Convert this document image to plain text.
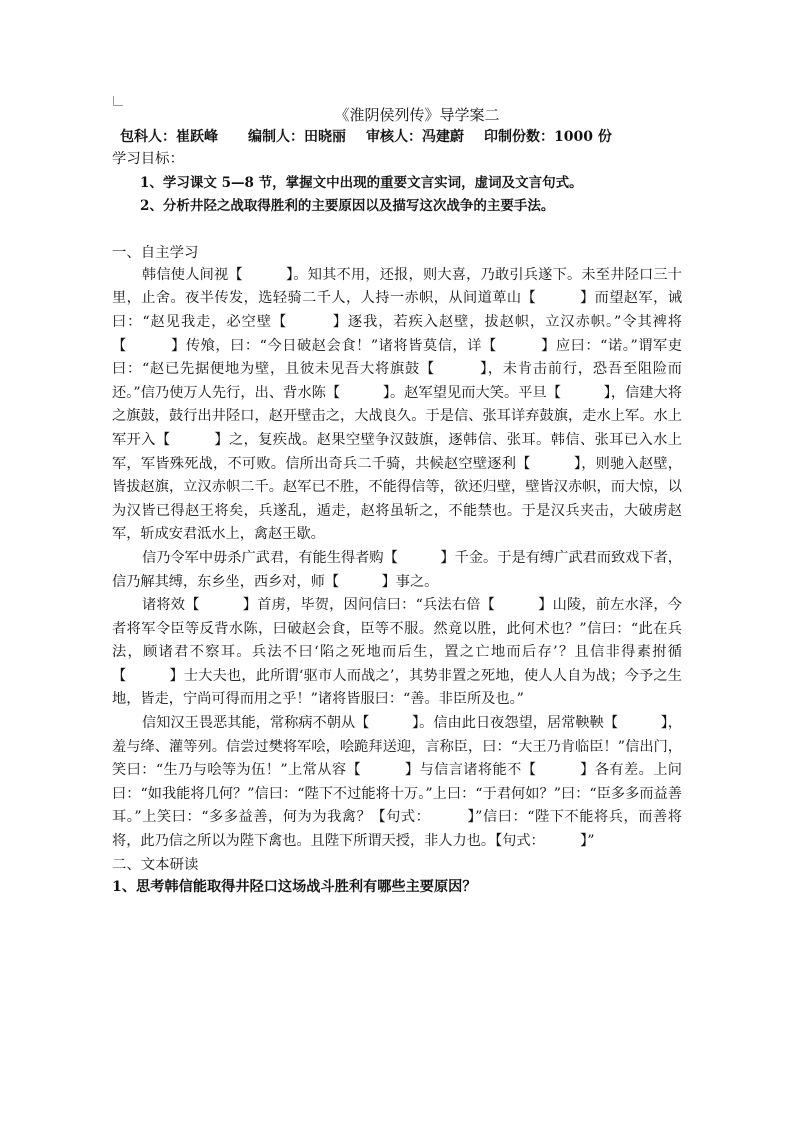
《淮阴侯列传》导学案二

包科人：崔跃峰 编制人：田晓丽 审核人：冯建蔚 印制份数：1000 份

学习目标：

1、学习课文 5—8 节，掌握文中出现的重要文言实词，虚词及文言句式。

2、分析井陉之战取得胜利的主要原因以及描写这次战争的主要手法。

一、自主学习

韩信使人间视【　　　】。知其不用，还报，则大喜，乃敢引兵遂下。未至井陉口三十里，止舍。夜半传发，选轻骑二千人，人持一赤帜，从间道萆山【　　　】而望赵军，诫曰：“赵见我走，必空壁【　　　】逐我，若疾入赵壁，拔赵帜，立汉赤帜。”令其裨将【　　　】传飧，曰：“今日破赵会食！”诸将皆莫信，详【　　　】应曰：“诺。”谓军吏曰：“赵已先据便地为壁，且彼未见吾大将旗鼓【　　　】，未肯击前行，恐吾至阻险而还。”信乃使万人先行，出、背水陈【　　　】。赵军望见而大笑。平旦【　　　】，信建大将之旗鼓，鼓行出井陉口，赵开壁击之，大战良久。于是信、张耳详弃鼓旗，走水上军。水上军开入【　　　】之，复疾战。赵果空壁争汉鼓旗，逐韩信、张耳。韩信、张耳已入水上军，军皆殊死战，不可败。信所出奇兵二千骑，共候赵空壁逐利【　　　】，则驰入赵壁，皆拔赵旗，立汉赤帜二千。赵军已不胜，不能得信等，欲还归壁，壁皆汉赤帜，而大惊，以为汉皆已得赵王将矣，兵遂乱，遁走，赵将虽斩之，不能禁也。于是汉兵夹击，大破虏赵军，斩成安君泜水上，禽赵王歇。

信乃令军中毋杀广武君，有能生得者购【　　　】千金。于是有缚广武君而致戏下者，信乃解其缚，东乡坐，西乡对，师【　　　】事之。

诸将效【　　　】首虏，毕贺，因问信曰：“兵法右倍【　　　】山陵，前左水泽，今者将军令臣等反背水陈，曰破赵会食，臣等不服。然竟以胜，此何术也？”信曰：“此在兵法，顾诸君不察耳。兵法不曰‘陷之死地而后生，置之亡地而后存’？且信非得素拊循【　　　】士大夫也，此所谓‘驱市人而战之’，其势非置之死地，使人人自为战；今予之生地，皆走，宁尚可得而用之乎！”诸将皆服曰：“善。非臣所及也。”

信知汉王畏恶其能，常称病不朝从【　　　】。信由此日夜怨望，居常鞅鞅【　　　】，羞与绛、灌等列。信尝过樊将军哙，哙跪拜送迎，言称臣，曰：“大王乃肯临臣！”信出门，笑曰：“生乃与哙等为伍！”上常从容【　　　】与信言诸将能不【　　　】各有差。上问曰：“如我能将几何？”信曰：“陛下不过能将十万。”上曰：“于君何如？”曰：“臣多多而益善耳。”上笑曰：“多多益善，何为为我禽？【句式：　　　】”信曰：“陛下不能将兵，而善将将，此乃信之所以为陛下禽也。且陛下所谓天授，非人力也。【句式：　　　】”

二、文本研读

1、思考韩信能取得井陉口这场战斗胜利有哪些主要原因？
